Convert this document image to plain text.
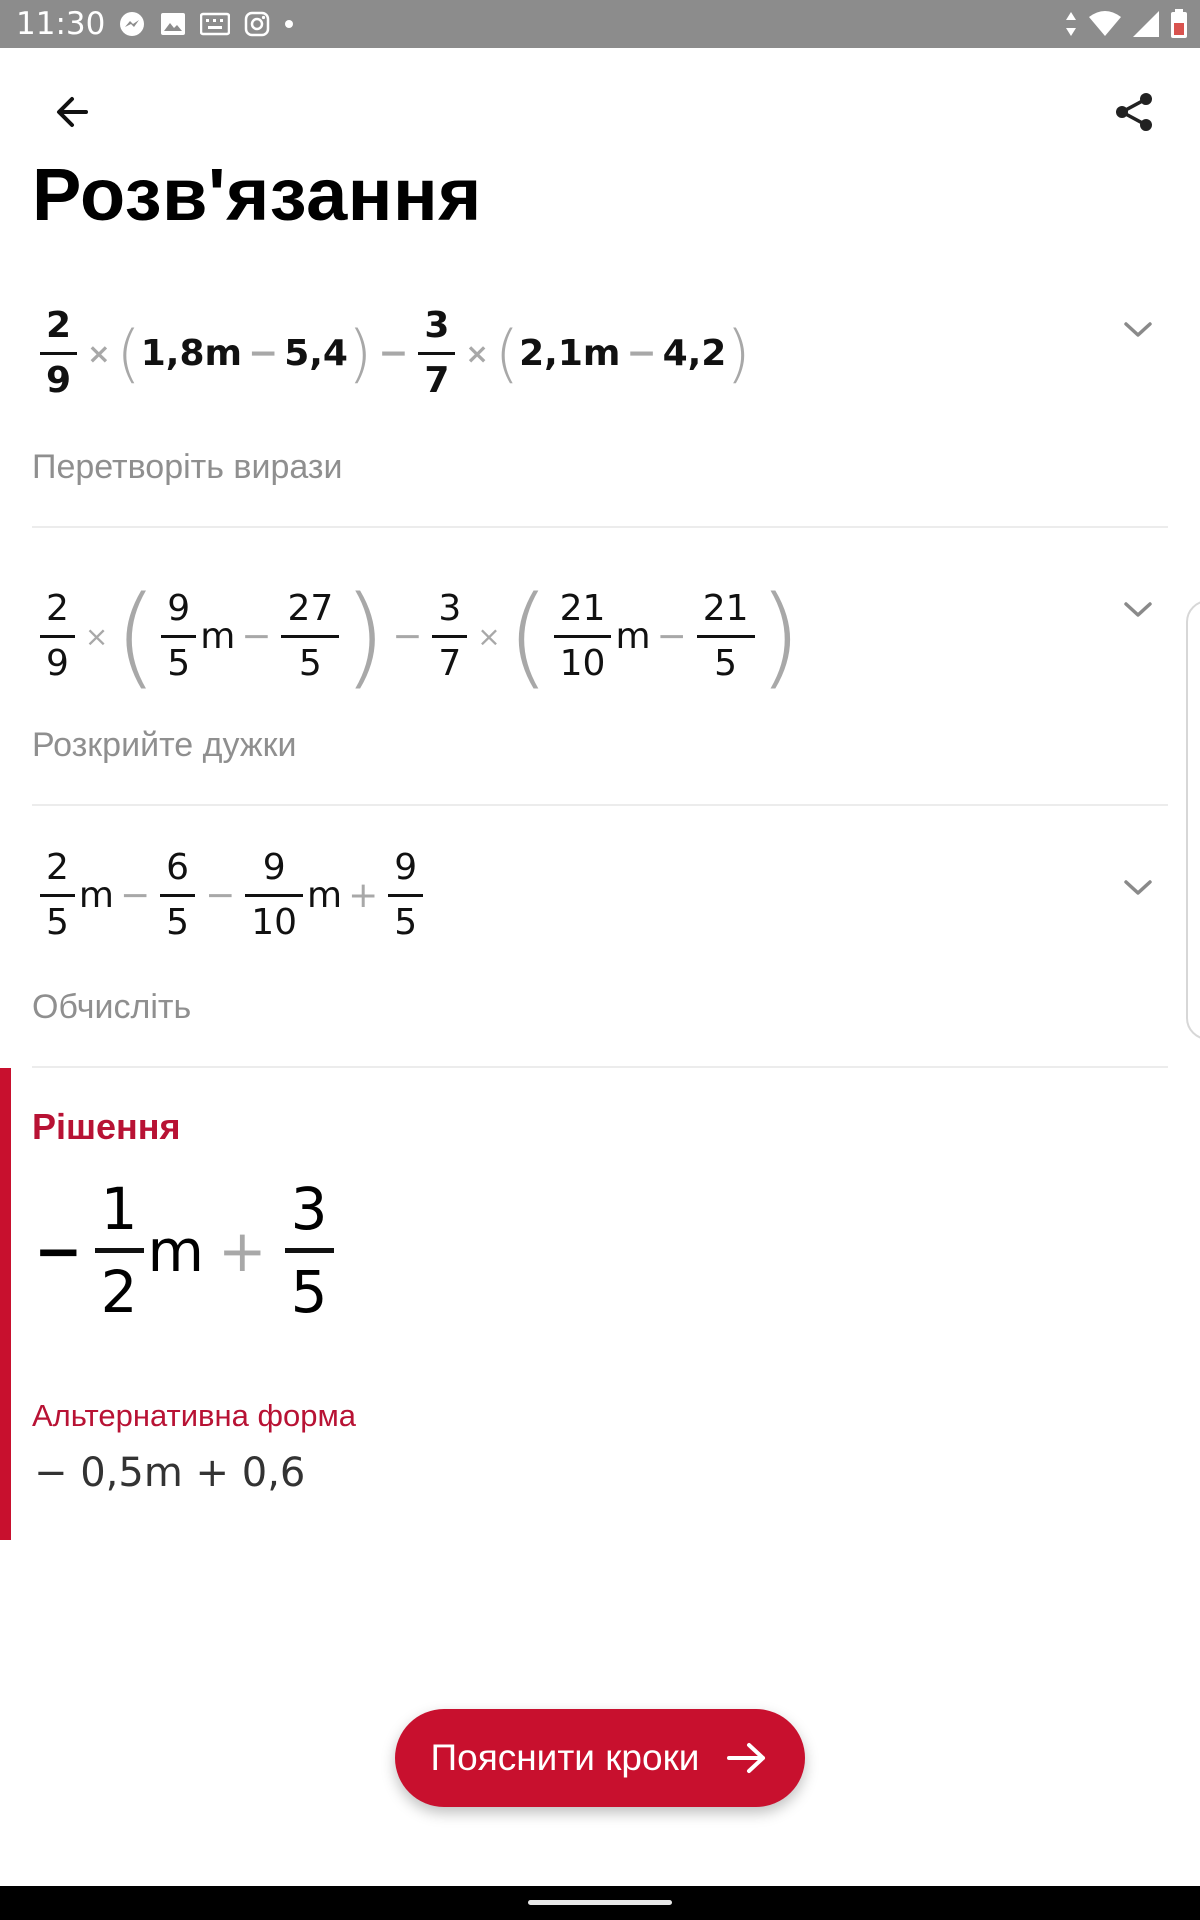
11:30
Розв'язання
$\frac{2}{9}$ × ( 1,8m − 5,4 ) − $\frac{3}{7}$ × ( 2,1m − 4,2 )
Перетворіть вирази
$\frac{2}{9}$ × ( $\frac{9}{5}$ $m - \frac{27}{5}$ ) − $\frac{3}{7}$ × ( $\frac{21}{10}$ $m - \frac{21}{5}$ )
Розкрийте дужки
$\frac{2}{5}$ $m - \frac{6}{5} - \frac{9}{10}$ $m + \frac{9}{5}$
Обчисліть
Рішення
−
1
2
m +
3
5
Альтернативна форма
− 0,5m + 0,6
Пояснити кроки
